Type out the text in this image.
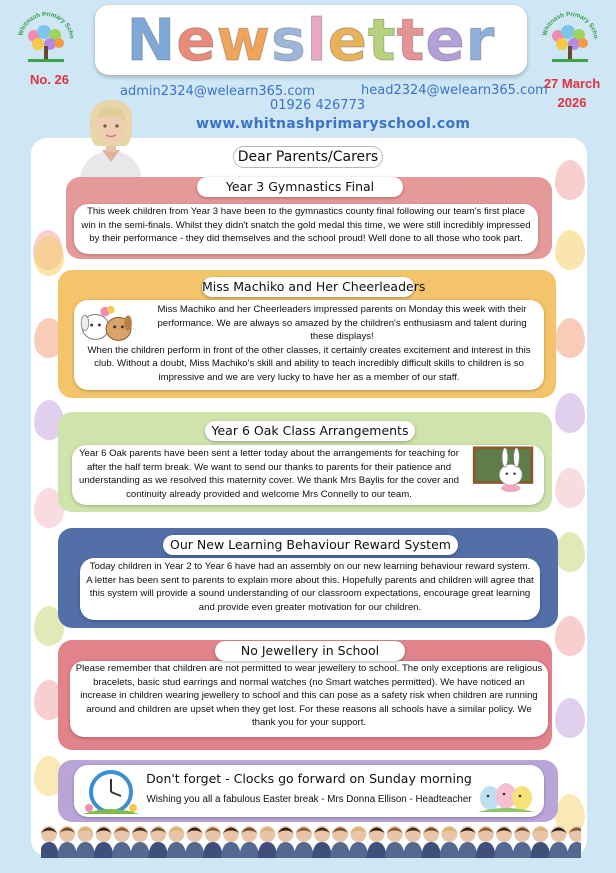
Whitnash Primary Scho
Whitnash Primary Scho
Newsletter
No. 26	27 March
2026
admin2324@welearn365.com	head2324@welearn365.com
01926 426773
www.whitnashprimaryschool.com
Dear Parents/Carers
This week children from Year 3 have been to the gymnastics county final following our team's first place win in the semi-finals. Whilst they didn't snatch the gold medal this time, we were still incredibly impressed by their performance - they did themselves and the school proud! Well done to all those who took part.
Year 3 Gymnastics Final
Miss Machiko and her Cheerleaders impressed parents on Monday this week with their performance. We are always so amazed by the children's enthusiasm and talent during these displays!
When the children perform in front of the other classes, it certainly creates excitement and interest in this club. Without a doubt, Miss Machiko's skill and ability to teach incredibly difficult skills to children is so impressive and we are very lucky to have her as a member of our staff.
Miss Machiko and Her Cheerleaders
Year 6 Oak parents have been sent a letter today about the arrangements for teaching for after the half term break. We want to send our thanks to parents for their patience and understanding as we resolved this maternity cover. We thank Mrs Baylis for the cover and continuity already provided and welcome Mrs Connelly to our team.
Year 6 Oak Class Arrangements
Today children in Year 2 to Year 6 have had an assembly on our new learning behaviour reward system. A letter has been sent to parents to explain more about this. Hopefully parents and children will agree that this system will provide a sound understanding of our classroom expectations, encourage great learning and provide even greater motivation for our children.
Our New Learning Behaviour Reward System
Please remember that children are not permitted to wear jewellery to school. The only exceptions are religious bracelets, basic stud earrings and normal watches (no Smart watches permitted). We have noticed an increase in children wearing jewellery to school and this can pose as a safety risk when children are running around and children are upset when they get lost. For these reasons all schools have a similar policy. We thank you for your support.
No Jewellery in School
Don't forget - Clocks go forward on Sunday morning
Wishing you all a fabulous Easter break - Mrs Donna Ellison - Headteacher
